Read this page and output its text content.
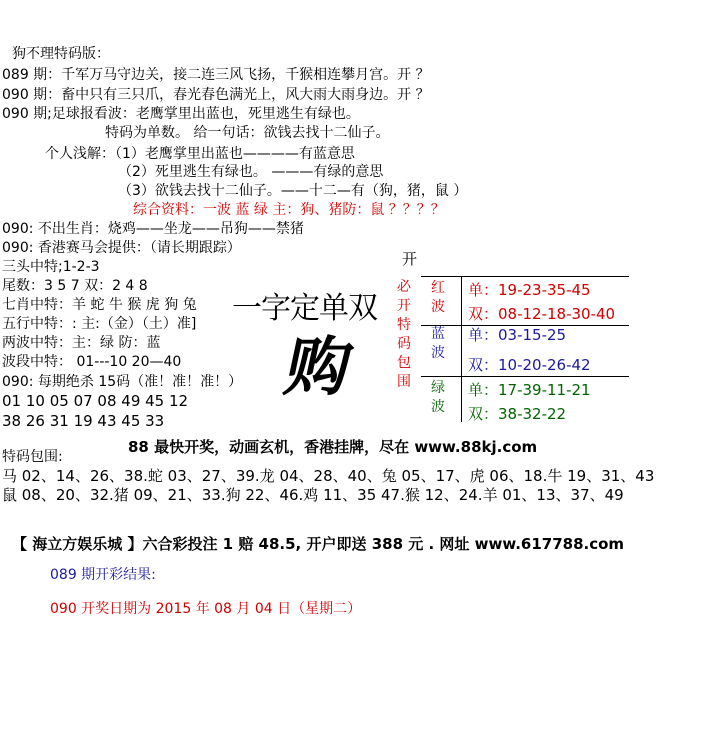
狗不理特码版：
089 期：千军万马守边关，接二连三风飞扬，千猴相连攀月宫。开 ？
090 期：畜中只有三只爪，春光春色满光上，风大雨大雨身边。开 ？
090 期;足球报看波：老鹰掌里出蓝也，死里逃生有绿也。
特码为单数。 给一句话：欲钱去找十二仙子。
个人浅解：（1）老鹰掌里出蓝也————有蓝意思
（2）死里逃生有绿也。 ———有绿的意思
（3）欲钱去找十二仙子。——十二—有（狗，猪，鼠 ）
综合资料：一波 蓝 绿 主：狗、猪防：鼠 ？？？？
090: 不出生肖：烧鸡——坐龙——吊狗——禁猪
090: 香港赛马会提供：（请长期跟踪）
三头中特;1-2-3
尾数：3 5 7 双：2 4 8
七肖中特：羊 蛇 牛 猴 虎 狗 兔
五行中特：: 主:（金）（土）准]
两波中特：主：绿 防：蓝
波段中特： 01---10 20—40
090: 每期绝杀 15码（准！准！准！）
01 10 05 07 08 49 45 12
38 26 31 19 43 45 33
一字定单双
购
开
必
开
特
码
包
围
红
波
蓝
波
绿
波
单：19-23-35-45
双：08-12-18-30-40
单：03-15-25
双：10-20-26-42
单：17-39-11-21
双：38-32-22
88 最快开奖，动画玄机，香港挂牌，尽在 www.88kj.com
特码包围:
马 02、14、26、38.蛇 03、27、39.龙 04、28、40、兔 05、17、虎 06、18.牛 19、31、43
鼠 08、20、32.猪 09、21、33.狗 22、46.鸡 11、35 47.猴 12、24.羊 01、13、37、49
【 海立方娱乐城 】六合彩投注 1 赔 48.5, 开户即送 388 元 . 网址 www.617788.com
089 期开彩结果:
090 开奖日期为 2015 年 08 月 04 日（星期二）
